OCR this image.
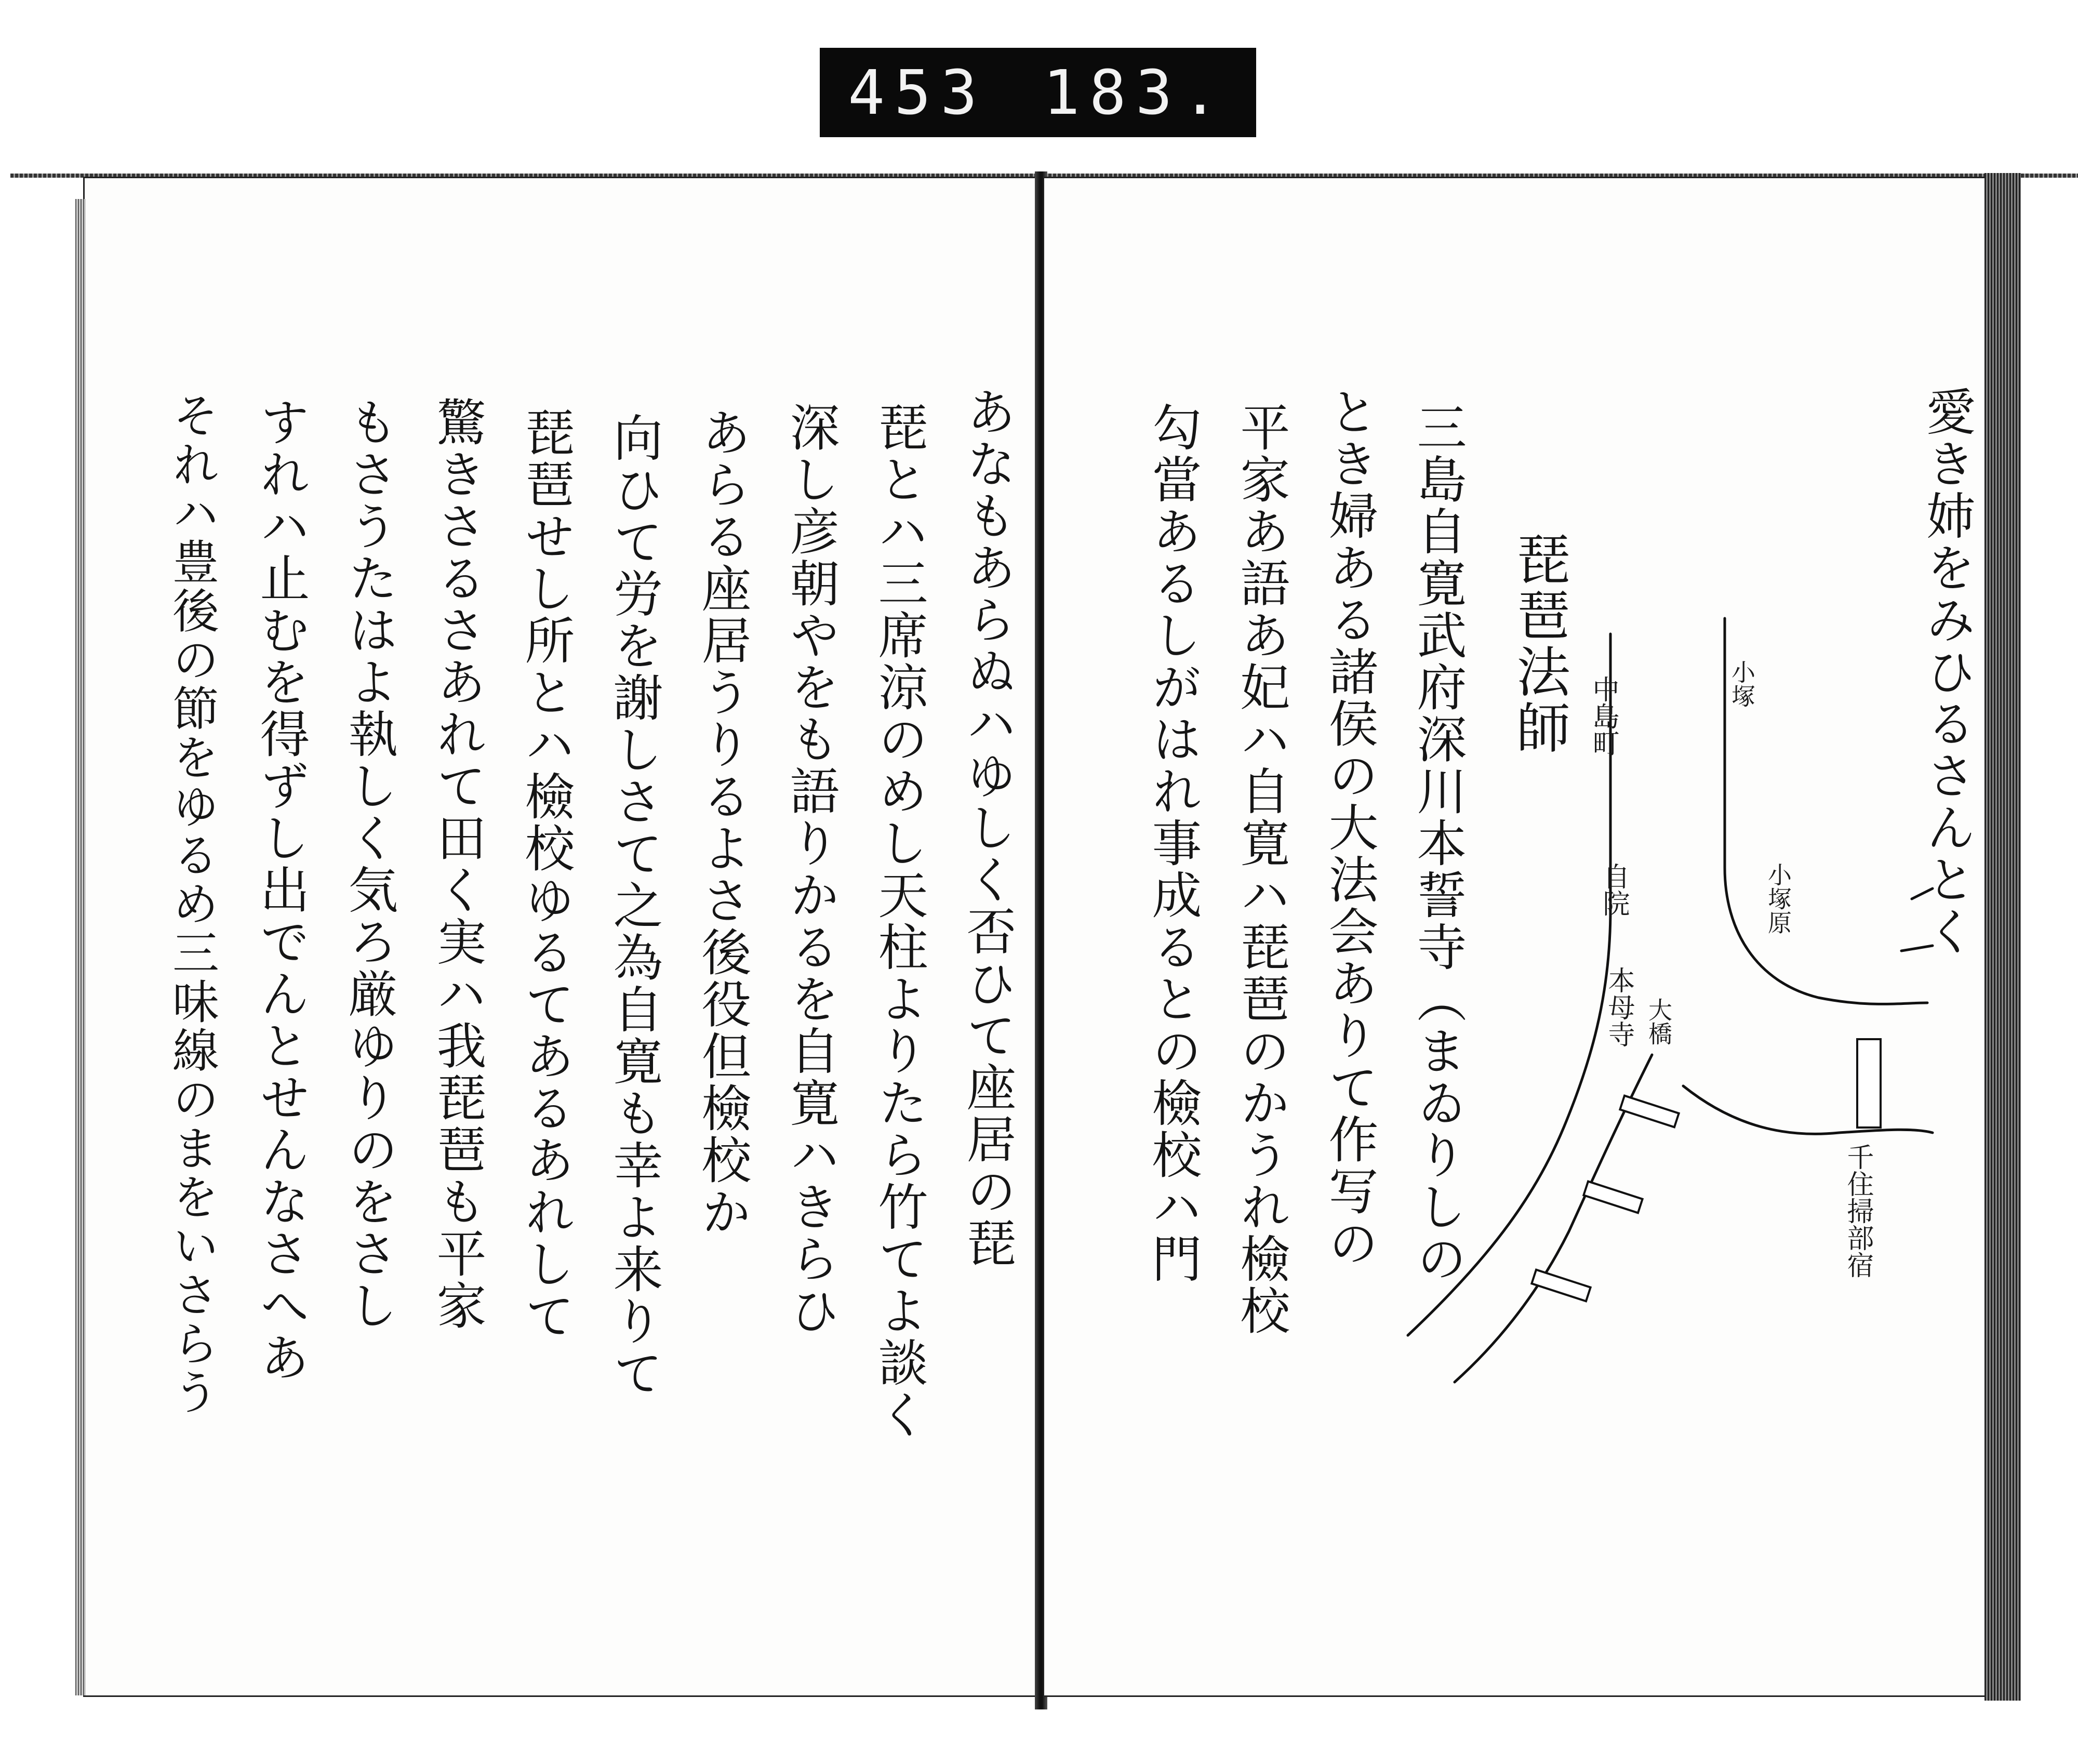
453 183.
あなもあらぬハゆしく否ひて座居の琵
琵とハ三席涼のめし天柱よりたら竹てよ談く
深し彦朝やをも語りかるを自寛ハきらひ
あらる座居うりるよさ後役但檢校か
向ひて労を謝しさて之為自寛も幸よ来りて
琵琶せし所とハ檢校ゆるてあるあれして
驚きさるさあれて田く実ハ我琵琶も平家
もさうたはよ執しく気ろ厳ゆりのをさし
すれハ止むを得ずし出でんとせんなさへあ
それハ豊後の節をゆるめ三味線のまをいさらう	愛き姉をみひるさんとく
琵琶法師
三島自寛武府深川本誓寺（まゐりしの
とき婦ある諸侯の大法会ありて作写の
平家あ語あ妃ハ自寛ハ琵琶のかうれ檢校
勾當あるしがはれ事成るとの檢校ハ門	中島町
自院
本母寺
小塚原
千住掃部宿
大橋
小塚
